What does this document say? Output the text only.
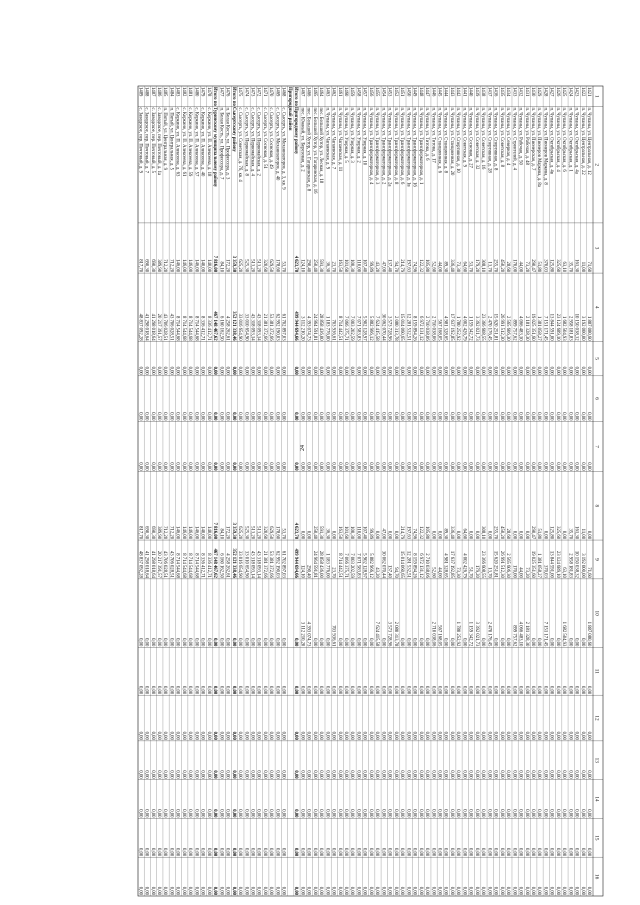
24
1
2
3
4
5
6
7
8
9
10
11
12
13
14
15
16
1421
п. Чупаны, ул. Центральная, д. 12
71,60
1 887 080,60
0,00
0,00
0,00
0,00
71,60
1 887 080,60
0,00
0,00
0,00
0,00
0,00
0,00
1422
п. Чупаны, ул. Центральная, д. 22
11,00
3 192 000,00
0,00
0,00
0,00
11,00
3 192 000,00
0,00
0,00
0,00
0,00
0,00
0,00
0,00
1423
п. Чупаны, ул. Октябрьская, д. 4а
161,30
10 150 038,32
0,00
0,00
0,00
161,30
10 150 038,32
0,00
0,00
0,00
0,00
0,00
0,00
0,00
1424
п. Чупаны, ул. Октябрьская, д. 1
35,70
2 958 181,83
0,00
0,00
0,00
35,70
2 958 181,83
0,00
0,00
0,00
0,00
0,00
0,00
0,00
1425
п. Чупаны, ул. Октябрьская, д. 6
63,10
1 682 504,93
0,00
0,00
0,00
0,00
63,10
1 682 504,93
0,00
0,00
0,00
0,00
0,00
0,00
1426
п. Чупаны, ул. Октябрьская, д. 4
325,60
23 124 689,10
0,00
0,00
0,00
325,60
23 124 689,10
0,00
0,00
0,00
0,00
0,00
0,00
0,00
1427
п. Чупаны, ул. Октябрьская, д. 4в
125,80
13 844 591,00
0,00
0,00
0,00
125,80
13 844 591,00
0,00
0,00
0,00
0,00
0,00
0,00
0,00
1428
п. Чупаны, ул. Пионеров Маркова, д. 8
370,03
7 151 171,45
0,00
0,00
0,00
0,00
370,03
7 151 171,45
0,00
0,00
0,00
0,00
0,00
0,00
1429
п. Чупаны, ул. Пионеров Маркова, д. 8а
51,80
1 381 058,27
0,00
0,00
0,00
51,80
1 381 058,27
0,00
0,00
0,00
0,00
0,00
0,00
0,00
1430
п. Чупаны, ул. Пионерская, д. 7
290,47
19 025 351,60
0,00
0,00
0,00
290,47
19 025 351,60
0,00
0,00
0,00
0,00
0,00
0,00
0,00
1431
п. Чупаны, ул. Рабочая, д. 48
73,20
2 181 328,30
0,00
0,00
0,00
0,00
73,20
2 181 328,30
0,00
0,00
0,00
0,00
0,00
0,00
1432
п. Чупаны, ул. Рабочая, д. 50
44,00
4 066 483,10
0,00
0,00
0,00
0,00
44,00
4 066 483,10
0,00
0,00
0,00
0,00
0,00
0,00
1433
п. Чупаны, ул. Строителей, д. 4
170,00
899 757,62
0,00
0,00
0,00
0,00
170,00
899 757,62
0,00
0,00
0,00
0,00
0,00
0,00
1434
п. Чупаны, ул. Северная, д. 4
28,60
2 565 606,30
0,00
0,00
0,00
28,60
2 565 606,30
0,00
0,00
0,00
0,00
0,00
0,00
0,00
1435
п. Чупаны, ул. Советская, д. 8
450,20
26 991 512,30
0,00
0,00
0,00
450,20
26 991 512,30
0,00
0,00
0,00
0,00
0,00
0,00
0,00
1436
п. Чупаны, ул. Спортивная, д. 8
255,70
15 620 251,81
0,00
0,00
0,00
255,70
15 620 251,81
0,00
0,00
0,00
0,00
0,00
0,00
0,00
1437
п. Чупаны, ул. Спортивная, д. 28
13,70
2 470 176,45
0,00
0,00
0,00
0,00
13,70
2 470 176,45
0,00
0,00
0,00
0,00
0,00
0,00
1438
п. Чупаны, ул. Советская, д. 16
308,10
23 366 608,55
0,00
0,00
0,00
308,10
23 366 608,55
0,00
0,00
0,00
0,00
0,00
0,00
0,00
1439
п. Чупаны, ул. Советская, д. 32
179,20
3 392 021,73
0,00
0,00
0,00
0,00
179,20
3 392 021,73
0,00
0,00
0,00
0,00
0,00
0,00
1440
п. Чупаны, ул. Сосновая, д. 27
51,70
1 159 342,72
0,00
0,00
0,00
0,00
51,70
1 159 342,72
0,00
0,00
0,00
0,00
0,00
0,00
1441
п. Чупаны, ул. Советская, д. 9
64,60
4 002 426,79
0,00
0,00
0,00
64,60
4 002 426,79
0,00
0,00
0,00
0,00
0,00
0,00
0,00
1442
п. Чупаны, ул. Спортивная, д. 10
73,30
1 780 252,92
0,00
0,00
0,00
0,00
73,30
1 780 252,92
0,00
0,00
0,00
0,00
0,00
0,00
1443
п. Чупаны, ул. Станционная, д. 20
336,40
17 637 192,85
0,00
0,00
0,00
336,40
17 637 192,85
0,00
0,00
0,00
0,00
0,00
0,00
0,00
1444
п. Чупаны, ул. Станционная, д. 8
89,30
4 981 328,65
0,00
0,00
0,00
89,30
4 981 328,65
0,00
0,00
0,00
0,00
0,00
0,00
0,00
1445
п. Чупаны, ул. Станционная, д. 6
44,00
567 168,05
0,00
0,00
0,00
0,00
44,00
567 168,05
0,00
0,00
0,00
0,00
0,00
0,00
1446
п. Чупаны, ул. Титова, д. 17
52,60
2 710 038,06
0,00
0,00
0,00
0,00
52,60
2 710 038,06
0,00
0,00
0,00
0,00
0,00
0,00
1447
п. Чупаны, ул. Титова, д. 6
105,80
2 710 038,06
0,00
0,00
0,00
105,80
2 710 038,06
0,00
0,00
0,00
0,00
0,00
0,00
0,00
1448
п. Чупаны, ул. Трансформаторная, д. 1
122,32
6 972 131,12
0,00
0,00
0,00
122,32
6 972 131,12
0,00
0,00
0,00
0,00
0,00
0,00
0,00
1449
п. Чупаны, ул. Трансформаторная, д. 1б
74,96
8 159 894,26
0,00
0,00
0,00
74,96
8 159 894,26
0,00
0,00
0,00
0,00
0,00
0,00
0,00
1450
п. Чупаны, ул. Трансформаторная, д. 1в
197,63
12 281 532,51
0,00
0,00
0,00
197,63
12 281 532,51
0,00
0,00
0,00
0,00
0,00
0,00
0,00
1451
п. Чупаны, ул. Трансформаторная, д. 6
214,79
15 014 060,65
0,00
0,00
0,00
214,79
15 014 060,65
0,00
0,00
0,00
0,00
0,00
0,00
0,00
1452
п. Чупаны, ул. Трансформаторная, д. 8
94,70
2 080 313,78
0,00
0,00
0,00
0,00
94,70
2 080 313,78
0,00
0,00
0,00
0,00
0,00
0,00
1453
п. Чупаны, ул. Трансформаторная, д. 2а
137,40
3 573 728,96
0,00
0,00
0,00
0,00
137,40
3 573 728,96
0,00
0,00
0,00
0,00
0,00
0,00
1454
п. Чупаны, ул. Трансформаторная, д. 2
47,00
30 062 070,44
0,00
0,00
0,00
47,00
30 062 070,44
0,00
0,00
0,00
0,00
0,00
0,00
0,00
1455
п. Чупаны, ул. Трансформаторная, д. 3
43,20
7 624 415,58
0,00
0,00
0,00
0,00
43,20
7 624 415,58
0,00
0,00
0,00
0,00
0,00
0,00
1456
п. Чупаны, ул. Трансформаторная, д. 4
99,89
5 882 966,12
0,00
0,00
0,00
99,89
5 882 966,12
0,00
0,00
0,00
0,00
0,00
0,00
0,00
1457
п. Чупаны, ул. Узорная, д. 10
107,40
5 902 128,97
0,00
0,00
0,00
107,40
5 902 128,97
0,00
0,00
0,00
0,00
0,00
0,00
0,00
1458
п. Чупаны, ул. Узорная, д. 2
110,00
7 071 583,83
0,00
0,00
0,00
110,00
7 071 583,83
0,00
0,00
0,00
0,00
0,00
0,00
0,00
1459
п. Чупаны, ул. Узорная, д. 3
100,30
7 003 202,59
0,00
0,00
0,00
100,30
7 003 202,59
0,00
0,00
0,00
0,00
0,00
0,00
0,00
1460
п. Чупаны, ул. Узорная, д. 5
101,60
7 066 375,71
0,00
0,00
0,00
101,60
7 066 375,71
0,00
0,00
0,00
0,00
0,00
0,00
0,00
1461
п. Чупаны, ул. Чапаевская, д. 11
163,50
8 714 442,51
0,00
0,00
0,00
163,50
8 714 442,51
0,00
0,00
0,00
0,00
0,00
0,00
0,00
1462
п. Чупаны, ул. Чапаевская, д. 7
23,70
703 936,61
0,00
0,00
0,00
0,00
23,70
703 936,61
0,00
0,00
0,00
0,00
0,00
0,00
1463
п. Чупаны, ул. Чапаевская, д. 9
36,30
1 183 776,00
0,00
0,00
0,00
36,30
1 183 776,00
0,00
0,00
0,00
0,00
0,00
0,00
0,00
1464
пос. Большой Хутор, ул. Лесная, д. 18
591,30
28 858 436,00
0,00
0,00
0,00
591,30
28 858 436,00
0,00
0,00
0,00
0,00
0,00
0,00
0,00
1465
пос. Большой Хутор, ул. Гагаринская, д. 16
250,40
24 964 591,81
0,00
0,00
0,00
250,40
24 964 591,81
0,00
0,00
0,00
0,00
0,00
0,00
0,00
1466
пос. Большой Хутор, ул. Гагаринская, д. 8
290,40
4 393 074,73
0,00
0,00
0,00
0,00
290,40
4 393 074,73
0,00
0,00
0,00
0,00
0,00
0,00
1467
пос. Южный, ул. Березовая, д. 2
124,10
3 112 210,20
0,00
0,00
0,00
0,00
124,10
3 112 210,20
0,00
0,00
0,00
0,00
0,00
0,00
Итого по Пригородному району
4 623,70
499 944 694,66
0,00
0,00
0,00
4 623,70
499 944 694,66
0,00
0,00
0,00
0,00
0,00
0,00
0,00
Пригородный район
1468
с. Сысерть, ул. Механизаторов, д. 3, кв. 9
53,70
61 702 897,03
0,00
0,00
0,00
53,70
61 702 897,03
0,00
0,00
0,00
0,00
0,00
0,00
0,00
1469
с. Сысерть, ул. Механизаторов, д. 40
178,60
62 992 190,03
0,00
0,00
0,00
178,60
62 992 190,03
0,00
0,00
0,00
0,00
0,00
0,00
0,00
1470
с. Сысерть, ул. Сосновая, д. 49
629,50
53 381 372,66
0,00
0,00
0,00
629,50
53 381 372,66
0,00
0,00
0,00
0,00
0,00
0,00
0,00
1471
с. Сысерть, ул. Сосновая, д. 51
320,60
21 381 372,66
0,00
0,00
0,00
320,60
21 381 372,66
0,00
0,00
0,00
0,00
0,00
0,00
0,00
1472
с. Сысерть, ул. Первомайская, д. 2
513,20
43 318 093,14
0,00
0,00
0,00
513,20
43 318 093,14
0,00
0,00
0,00
0,00
0,00
0,00
0,00
1473
с. Сысерть, ул. Первомайская, д. 4
513,20
43 318 093,14
0,00
0,00
0,00
513,20
43 318 093,14
0,00
0,00
0,00
0,00
0,00
0,00
0,00
1474
с. Сысерть, ул. Первомайская, д. 8
525,30
33 010 654,90
0,00
0,00
0,00
525,30
33 010 654,90
0,00
0,00
0,00
0,00
0,00
0,00
0,00
1475
с. Сысерть, ул. Советская, д. 7б, кв. 4
625,20
33 016 654,90
0,00
0,00
0,00
625,20
33 016 654,90
0,00
0,00
0,00
0,00
0,00
0,00
0,00
Итого по Сысертскому району
3 359,30
352 121 338,46
0,00
0,00
0,00
3 359,30
352 121 338,46
0,00
0,00
0,00
0,00
0,00
0,00
0,00
1476
п. Белая Кость, ул. Профессора, д. 3
172,20
4 258 262,61
0,00
0,00
0,00
172,20
4 258 262,61
0,00
0,00
0,00
0,00
0,00
0,00
0,00
1477
п. Белая Кость, ул. Профессора, д. 7
84,10
6 160 162,50
0,00
0,00
0,00
84,10
6 160 162,50
0,00
0,00
0,00
0,00
0,00
0,00
0,00
Итого по Туринскому муниципальному району
7 816,00
467 148 467,62
0,00
0,00
0,00
7 816,00
467 148 467,62
0,00
0,00
0,00
0,00
0,00
0,00
0,00
1478
с. Коркино, ул. П. Алексеева, д. 18
140,00
8 336 412,71
0,00
0,00
0,00
140,00
8 336 412,71
0,00
0,00
0,00
0,00
0,00
0,00
0,00
1479
с. Коркино, ул. П. Алексеева, д. 40
140,00
8 336 412,71
0,00
0,00
0,00
140,00
8 336 412,71
0,00
0,00
0,00
0,00
0,00
0,00
0,00
1480
с. Коркино, ул. П. Алексеева, д. 57
146,00
8 714 544,68
0,00
0,00
0,00
146,00
8 714 544,68
0,00
0,00
0,00
0,00
0,00
0,00
0,00
1481
с. Коркино, ул. П. Алексеева, д. 59
146,00
8 714 544,68
0,00
0,00
0,00
146,00
8 714 544,68
0,00
0,00
0,00
0,00
0,00
0,00
0,00
1482
с. Коркино, ул. П. Алексеева, д. 61
146,00
8 714 544,68
0,00
0,00
0,00
146,00
8 714 544,68
0,00
0,00
0,00
0,00
0,00
0,00
0,00
1483
с. Коркино, ул. П. Алексеева, д. 63
146,00
8 714 544,68
0,00
0,00
0,00
146,00
8 714 544,68
0,00
0,00
0,00
0,00
0,00
0,00
0,00
1484
п. Пятый, ул. Центральная, д. 5
712,20
43 706 028,51
0,00
0,00
0,00
712,20
43 706 028,51
0,00
0,00
0,00
0,00
0,00
0,00
0,00
1485
п. Пятый, ул. Центральная, д. 9
712,20
43 706 028,51
0,00
0,00
0,00
712,20
43 706 028,51
0,00
0,00
0,00
0,00
0,00
0,00
0,00
1486
с. Заводское, пер. Почтовый, д. 1а
389,90
20 217 391,57
0,00
0,00
0,00
389,90
20 217 391,57
0,00
0,00
0,00
0,00
0,00
0,00
0,00
1487
с. Заводское, пер. Почтовый, д. 5
690,30
41 298 018,64
0,00
0,00
0,00
690,30
41 298 018,64
0,00
0,00
0,00
0,00
0,00
0,00
0,00
1488
с. Заводское, пер. Почтовый, д. 7
690,30
41 298 018,64
0,00
0,00
0,00
690,30
41 298 018,64
0,00
0,00
0,00
0,00
0,00
0,00
0,00
1489
с. Заводское, пер. Почтовый, д. 9
817,70
48 837 092,28
0,00
0,00
0,00
817,70
48 837 092,28
0,00
0,00
0,00
0,00
0,00
0,00
0,00
